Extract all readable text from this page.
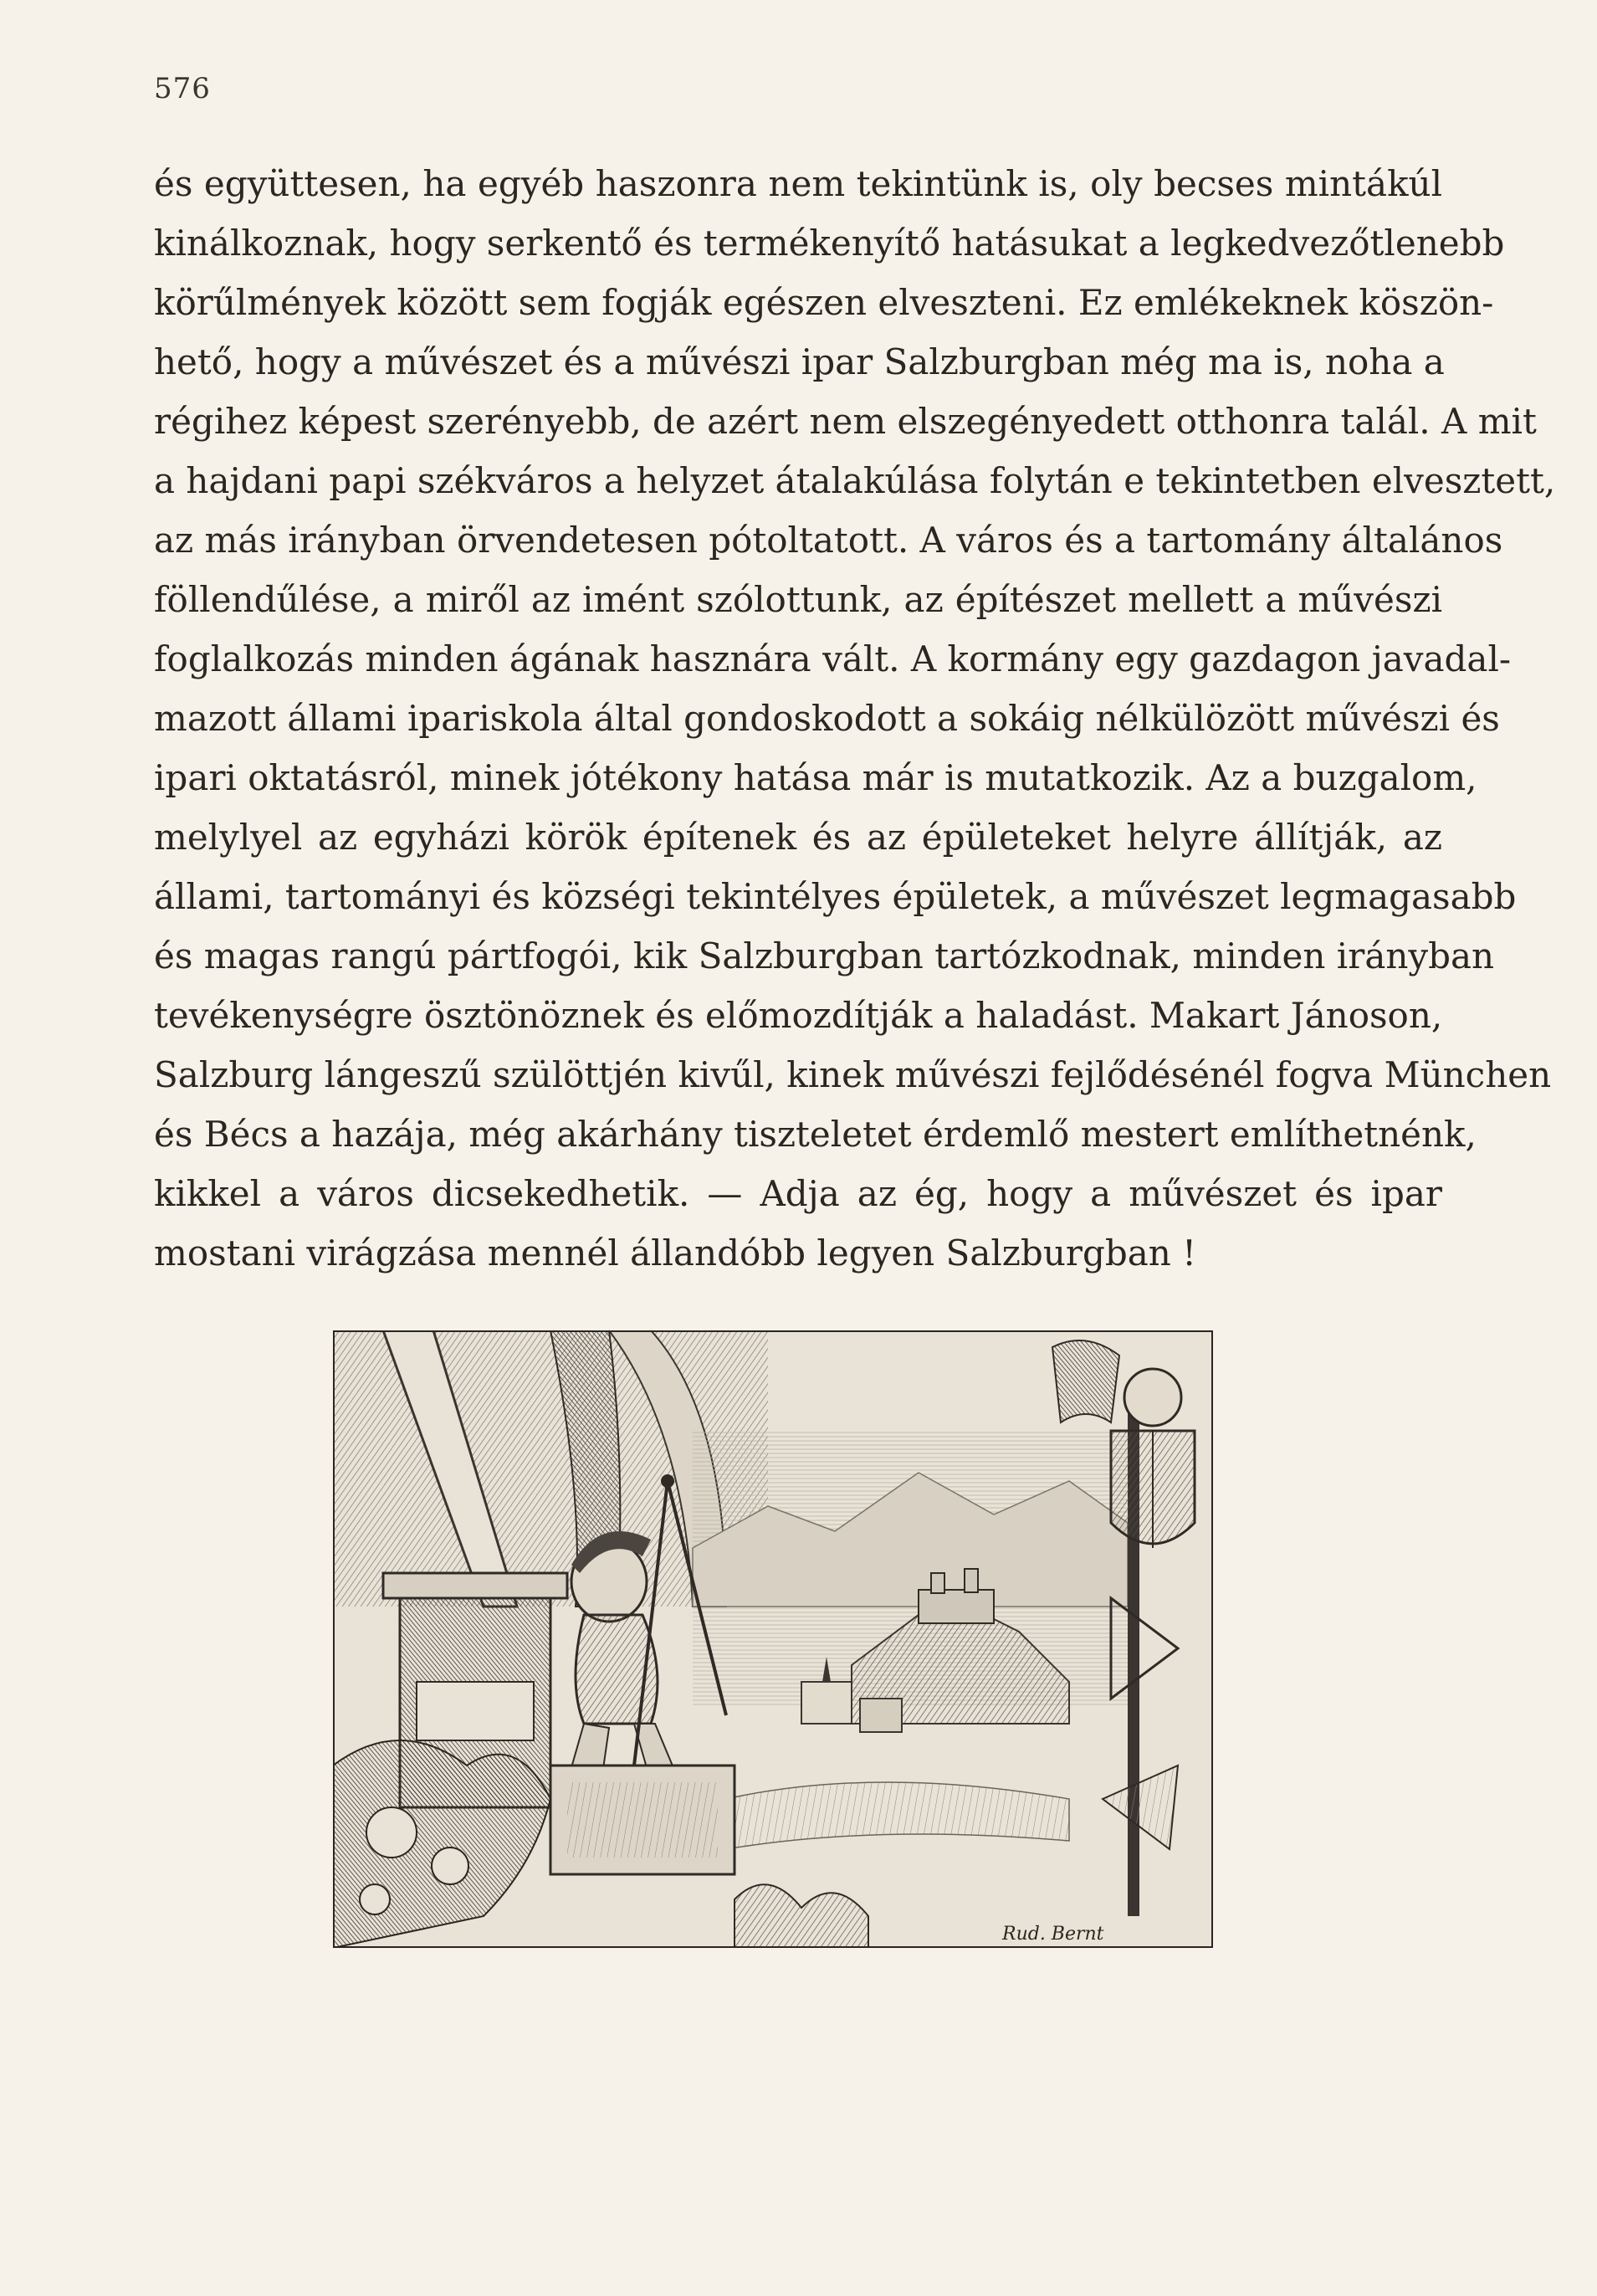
576
és együttesen, ha egyéb haszonra nem tekintünk is, oly becses mintákúl
kinálkoznak, hogy serkentő és termékenyítő hatásukat a legkedvezőtlenebb
körűlmények között sem fogják egészen elveszteni. Ez emlékeknek köszön-
hető, hogy a művészet és a művészi ipar Salzburgban még ma is, noha a
régihez képest szerényebb, de azért nem elszegényedett otthonra talál. A mit
a hajdani papi székváros a helyzet átalakúlása folytán e tekintetben elvesztett,
az más irányban örvendetesen pótoltatott. A város és a tartomány általános
föllendűlése, a miről az imént szólottunk, az építészet mellett a művészi
foglalkozás minden ágának hasznára vált. A kormány egy gazdagon javadal-
mazott állami ipariskola által gondoskodott a sokáig nélkülözött művészi és
ipari oktatásról, minek jótékony hatása már is mutatkozik. Az a buzgalom,
melylyel az egyházi körök építenek és az épületeket helyre állítják, az
állami, tartományi és községi tekintélyes épületek, a művészet legmagasabb
és magas rangú pártfogói, kik Salzburgban tartózkodnak, minden irányban
tevékenységre ösztönöznek és előmozdítják a haladást. Makart Jánoson,
Salzburg lángeszű szülöttjén kivűl, kinek művészi fejlődésénél fogva München
és Bécs a hazája, még akárhány tiszteletet érdemlő mestert említhetnénk,
kikkel a város dicsekedhetik. — Adja az ég, hogy a művészet és ipar
mostani virágzása mennél állandóbb legyen Salzburgban !
Rud. Bernt
